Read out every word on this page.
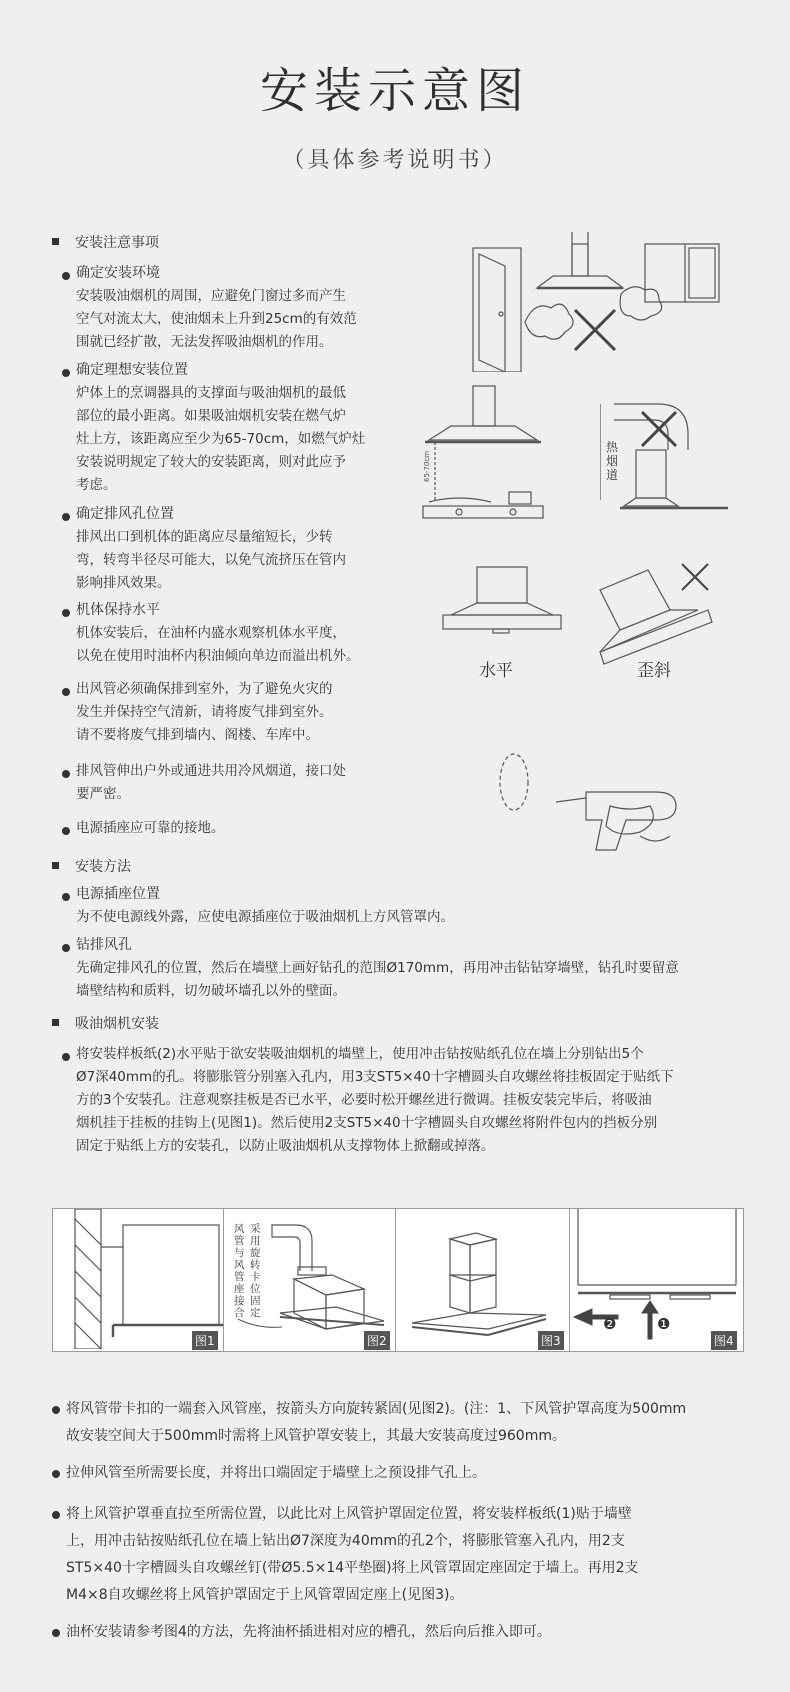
安装示意图
（具体参考说明书）
安装注意事项
确定安装环境
安装吸油烟机的周围，应避免门窗过多而产生
空气对流太大，使油烟未上升到25cm的有效范
围就已经扩散，无法发挥吸油烟机的作用。
确定理想安装位置
炉体上的烹调器具的支撑面与吸油烟机的最低
部位的最小距离。如果吸油烟机安装在燃气炉
灶上方，该距离应至少为65-70cm，如燃气炉灶
安装说明规定了较大的安装距离，则对此应予
考虑。
确定排风孔位置
排风出口到机体的距离应尽量缩短长，少转
弯，转弯半径尽可能大，以免气流挤压在管内
影响排风效果。
机体保持水平
机体安装后，在油杯内盛水观察机体水平度，
以免在使用时油杯内积油倾向单边而溢出机外。
出风管必须确保排到室外，为了避免火灾的
发生并保持空气清新，请将废气排到室外。
请不要将废气排到墙内、阁楼、车库中。
排风管伸出户外或通进共用冷风烟道，接口处
要严密。
电源插座应可靠的接地。
安装方法
电源插座位置
为不使电源线外露，应使电源插座位于吸油烟机上方风管罩内。
钻排风孔
先确定排风孔的位置，然后在墙壁上画好钻孔的范围Ø170mm，再用冲击钻钻穿墙壁，钻孔时要留意
墙壁结构和质料，切勿破坏墙孔以外的壁面。
吸油烟机安装
将安装样板纸(2)水平贴于欲安装吸油烟机的墙壁上，使用冲击钻按贴纸孔位在墙上分别钻出5个
Ø7深40mm的孔。将膨胀管分别塞入孔内，用3支ST5×40十字槽圆头自攻螺丝将挂板固定于贴纸下
方的3个安装孔。注意观察挂板是否已水平，必要时松开螺丝进行微调。挂板安装完毕后，将吸油
烟机挂于挂板的挂钩上(见图1)。然后使用2支ST5×40十字槽圆头自攻螺丝将附件包内的挡板分别
固定于贴纸上方的安装孔，以防止吸油烟机从支撑物体上掀翻或掉落。
65-70cm
热烟道
水平	歪斜
图1
风管与风管座接合
采用旋转卡位固定
图2	图3
❷	❶
图4
将风管带卡扣的一端套入风管座，按箭头方向旋转紧固(见图2)。(注：1、下风管护罩高度为500mm
故安装空间大于500mm时需将上风管护罩安装上，其最大安装高度过960mm。
拉伸风管至所需要长度，并将出口端固定于墙壁上之预设排气孔上。
将上风管护罩垂直拉至所需位置，以此比对上风管护罩固定位置，将安装样板纸(1)贴于墙壁
上，用冲击钻按贴纸孔位在墙上钻出Ø7深度为40mm的孔2个，将膨胀管塞入孔内，用2支
ST5×40十字槽圆头自攻螺丝钉(带Ø5.5×14平垫圈)将上风管罩固定座固定于墙上。再用2支
M4×8自攻螺丝将上风管护罩固定于上风管罩固定座上(见图3)。
油杯安装请参考图4的方法，先将油杯插进相对应的槽孔，然后向后推入即可。
